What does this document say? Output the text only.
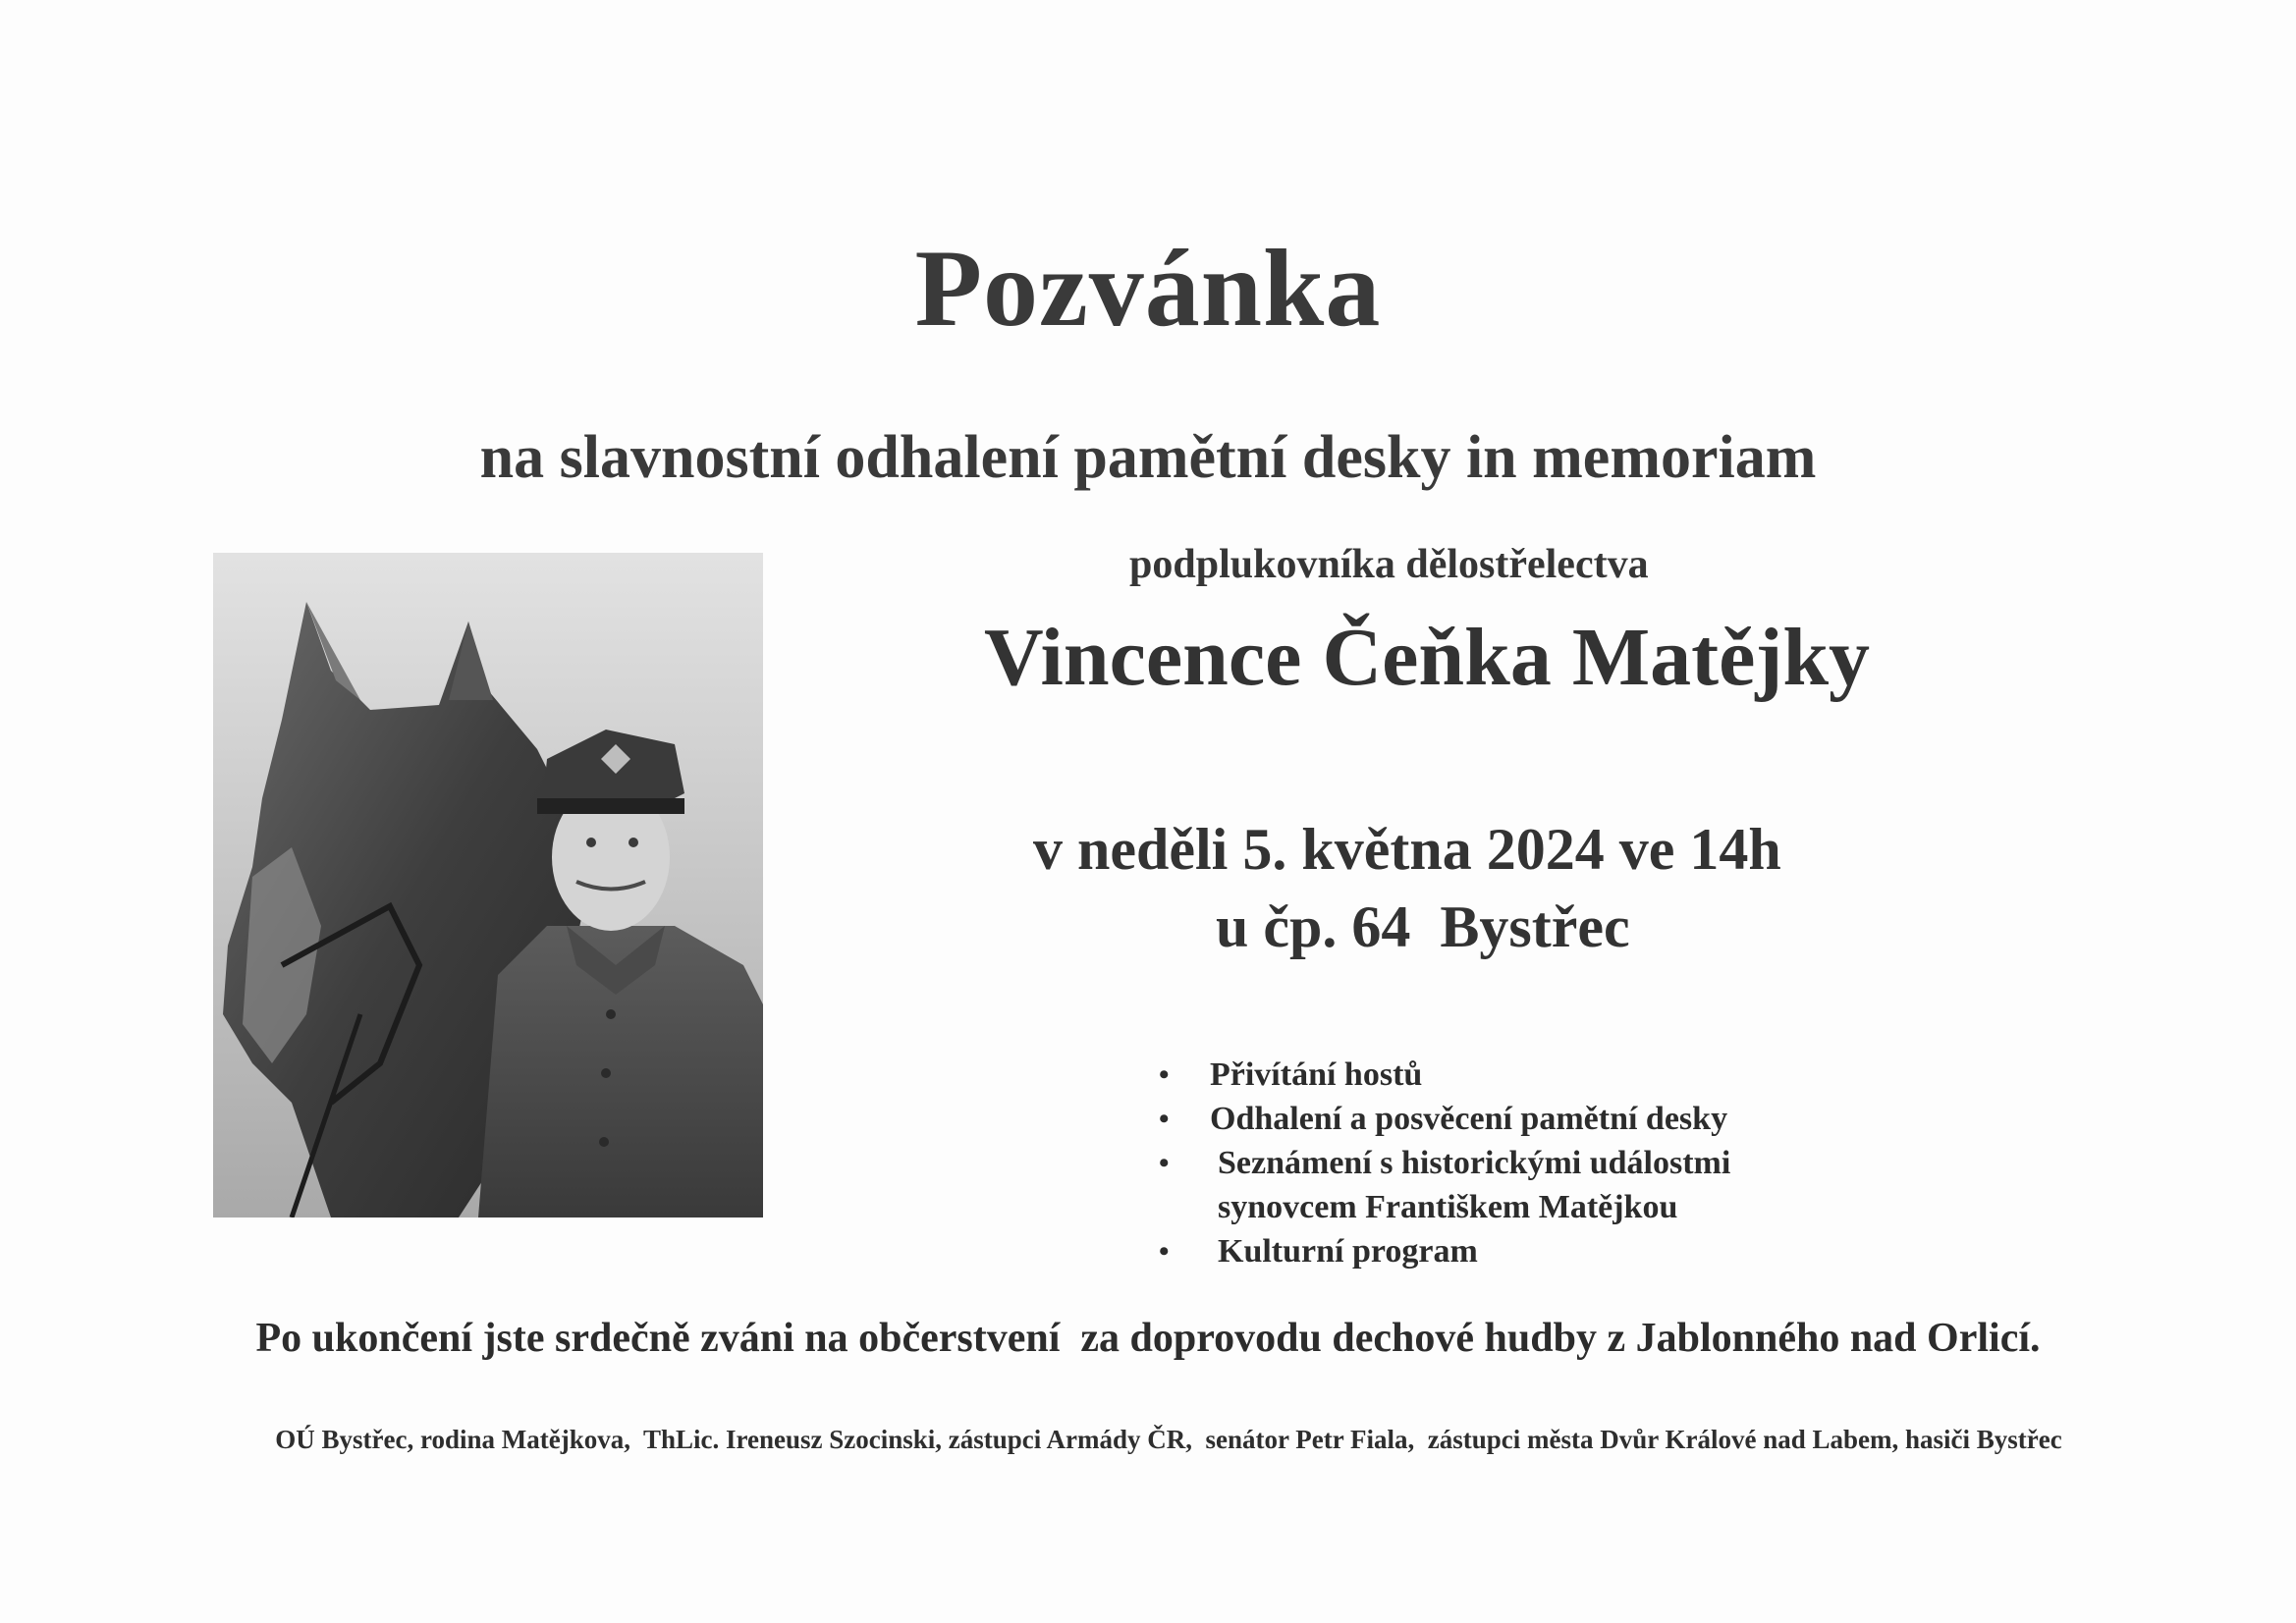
Pozvánka
na slavnostní odhalení pamětní desky in memoriam
podplukovníka dělostřelectva
Vincence Čeňka Matějky
v neděli 5. května 2024 ve 14h
u čp. 64  Bystřec
• Přivítání hostů
• Odhalení a posvěcení pamětní desky
• Seznámení s historickými událostmi
synovcem Františkem Matějkou
• Kulturní program
Po ukončení jste srdečně zváni na občerstvení  za doprovodu dechové hudby z Jablonného nad Orlicí.
OÚ Bystřec, rodina Matějkova,  ThLic. Ireneusz Szocinski, zástupci Armády ČR,  senátor Petr Fiala,  zástupci města Dvůr Králové nad Labem, hasiči Bystřec
